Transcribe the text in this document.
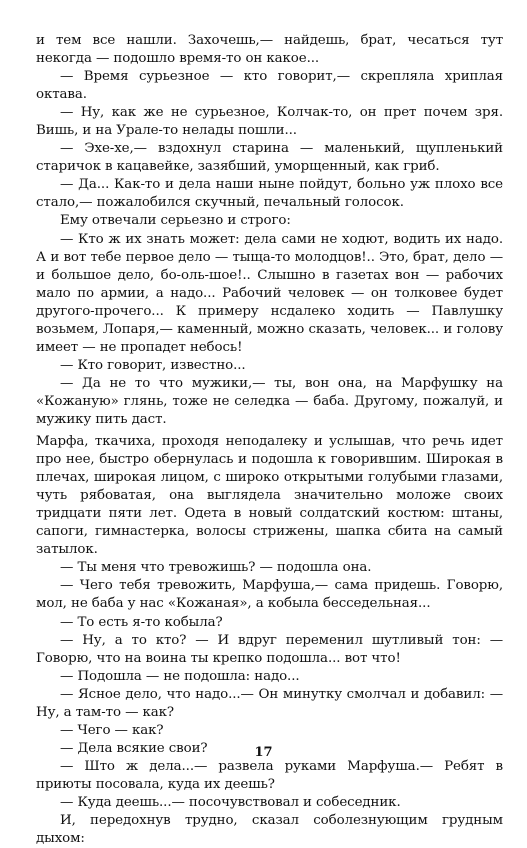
и тем все нашли. Захочешь,— найдешь, брат, чесаться тут некогда — подошло время-то он какое...

— Время сурьезное — кто говорит,— скрепляла хриплая октава.

— Ну, как же не сурьезное, Колчак-то, он прет почем зря. Вишь, и на Урале-то нелады пошли...

— Эхе-хе,— вздохнул старина — маленький, щупленький старичок в кацавейке, зазябший, уморщенный, как гриб.

— Да... Как-то и дела наши ныне пойдут, больно уж плохо все стало,— пожалобился скучный, печальный голосок.

Ему отвечали серьезно и строго:

— Кто ж их знать может: дела сами не ходют, водить их надо. А и вот тебе первое дело — тыща-то молодцов!.. Это, брат, дело — и большое дело, бо-оль-шое!.. Слышно в газетах вон — рабочих мало по армии, а надо... Рабочий человек — он толковее будет другого-прочего... К примеру нсдалеко ходить — Павлушку возьмем, Лопаря,— каменный, можно сказать, человек... и голову имеет — не пропадет небось!

— Кто говорит, известно...

— Да не то что мужики,— ты, вон она, на Марфушку на «Кожаную» глянь, тоже не селедка — баба. Другому, пожалуй, и мужику пить даст.

Марфа, ткачиха, проходя неподалеку и услышав, что речь идет про нее, быстро обернулась и подошла к говорившим. Широкая в плечах, широкая лицом, с широко открытыми голубыми глазами, чуть рябоватая, она выглядела значительно моложе своих тридцати пяти лет. Одета в новый солдатский костюм: штаны, сапоги, гимнастерка, волосы стрижены, шапка сбита на самый затылок.

— Ты меня что тревожишь? — подошла она.

— Чего тебя тревожить, Марфуша,— сама придешь. Говорю, мол, не баба у нас «Кожаная», а кобыла бесседельная...

— То есть я-то кобыла?

— Ну, а то кто? — И вдруг переменил шутливый тон: — Говорю, что на воина ты крепко подошла... вот что!

— Подошла — не подошла: надо...

— Ясное дело, что надо...— Он минутку смолчал и добавил: — Ну, а там-то — как?

— Чего — как?

— Дела всякие свои?

— Што ж дела...— развела руками Марфуша.— Ребят в приюты посовала, куда их деешь?

— Куда деешь...— посочувствовал и собеседник.

И, передохнув трудно, сказал соболезнующим грудным дыхом:

17
